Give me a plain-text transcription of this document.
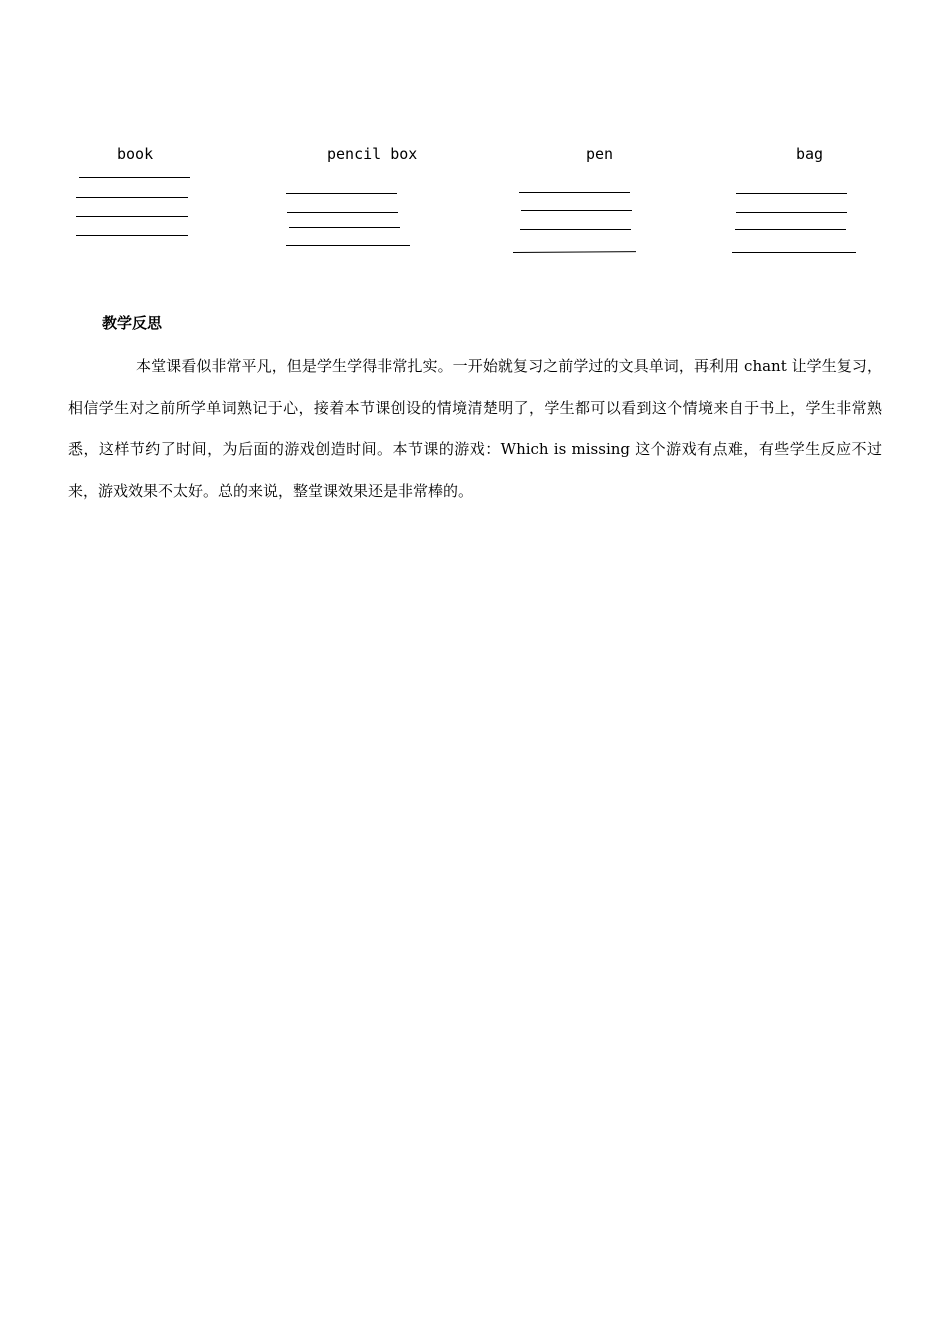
book	pencil box	pen	bag
教学反思
本堂课看似非常平凡，但是学生学得非常扎实。一开始就复习之前学过的文具单词，再利用 chant 让学生复习，相信学生对之前所学单词熟记于心，接着本节课创设的情境清楚明了，学生都可以看到这个情境来自于书上，学生非常熟悉，这样节约了时间，为后面的游戏创造时间。本节课的游戏：Which is missing 这个游戏有点难，有些学生反应不过来，游戏效果不太好。总的来说，整堂课效果还是非常棒的。
